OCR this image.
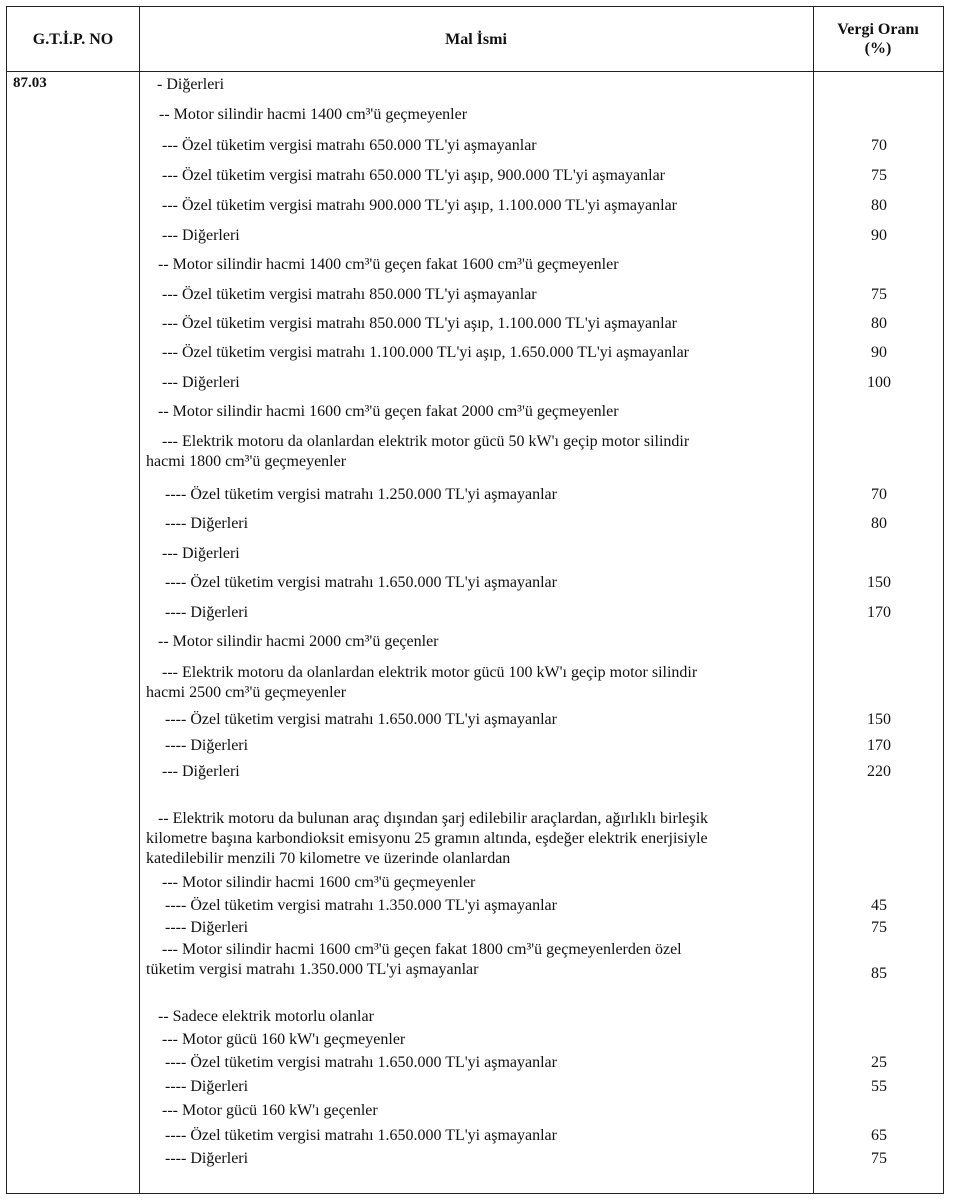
G.T.İ.P. NO	Mal İsmi
Vergi Oranı
(%)
87.03	- Diğerleri
-- Motor silindir hacmi 1400 cm³'ü geçmeyenler
--- Özel tüketim vergisi matrahı 650.000 TL'yi aşmayanlar	70
--- Özel tüketim vergisi matrahı 650.000 TL'yi aşıp, 900.000 TL'yi aşmayanlar	75
--- Özel tüketim vergisi matrahı 900.000 TL'yi aşıp, 1.100.000 TL'yi aşmayanlar	80
--- Diğerleri	90
-- Motor silindir hacmi 1400 cm³'ü geçen fakat 1600 cm³'ü geçmeyenler
--- Özel tüketim vergisi matrahı 850.000 TL'yi aşmayanlar	75
--- Özel tüketim vergisi matrahı 850.000 TL'yi aşıp, 1.100.000 TL'yi aşmayanlar	80
--- Özel tüketim vergisi matrahı 1.100.000 TL'yi aşıp, 1.650.000 TL'yi aşmayanlar	90
--- Diğerleri	100
-- Motor silindir hacmi 1600 cm³'ü geçen fakat 2000 cm³'ü geçmeyenler
--- Elektrik motoru da olanlardan elektrik motor gücü 50 kW'ı geçip motor silindir
hacmi 1800 cm³'ü geçmeyenler
---- Özel tüketim vergisi matrahı 1.250.000 TL'yi aşmayanlar	70
---- Diğerleri	80
--- Diğerleri
---- Özel tüketim vergisi matrahı 1.650.000 TL'yi aşmayanlar	150
---- Diğerleri	170
-- Motor silindir hacmi 2000 cm³'ü geçenler
--- Elektrik motoru da olanlardan elektrik motor gücü 100 kW'ı geçip motor silindir
hacmi 2500 cm³'ü geçmeyenler
---- Özel tüketim vergisi matrahı 1.650.000 TL'yi aşmayanlar	150
---- Diğerleri	170
--- Diğerleri	220
-- Elektrik motoru da bulunan araç dışından şarj edilebilir araçlardan, ağırlıklı birleşik
kilometre başına karbondioksit emisyonu 25 gramın altında, eşdeğer elektrik enerjisiyle
katedilebilir menzili 70 kilometre ve üzerinde olanlardan
--- Motor silindir hacmi 1600 cm³'ü geçmeyenler
---- Özel tüketim vergisi matrahı 1.350.000 TL'yi aşmayanlar	45
---- Diğerleri	75
--- Motor silindir hacmi 1600 cm³'ü geçen fakat 1800 cm³'ü geçmeyenlerden özel
tüketim vergisi matrahı 1.350.000 TL'yi aşmayanlar	85
-- Sadece elektrik motorlu olanlar
--- Motor gücü 160 kW'ı geçmeyenler
---- Özel tüketim vergisi matrahı 1.650.000 TL'yi aşmayanlar	25
---- Diğerleri	55
--- Motor gücü 160 kW'ı geçenler
---- Özel tüketim vergisi matrahı 1.650.000 TL'yi aşmayanlar	65
---- Diğerleri	75
